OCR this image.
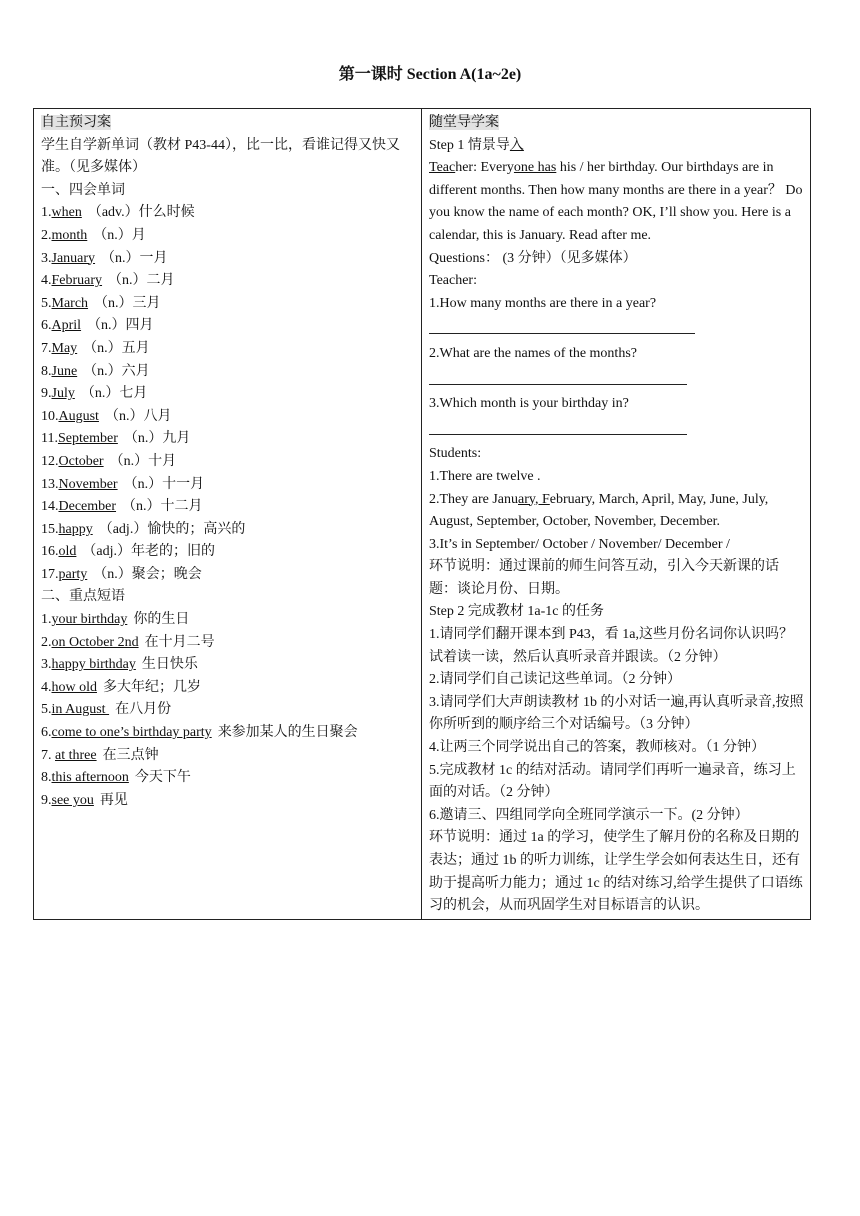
第一课时 Section A(1a~2e)
自主预习案
学生自学新单词（教材 P43-44），比一比，看谁记得又快又准。（见多媒体）
一、四会单词
1.when （adv.）什么时候
2.month （n.）月
3.January （n.）一月
4.February （n.）二月
5.March （n.）三月
6.April （n.）四月
7.May （n.）五月
8.June （n.）六月
9.July （n.）七月
10.August （n.）八月
11.September （n.）九月
12.October （n.）十月
13.November （n.）十一月
14.December （n.）十二月
15.happy （adj.）愉快的；高兴的
16.old （adj.）年老的；旧的
17.party （n.）聚会；晚会
二、重点短语
1.your birthday 你的生日
2.on October 2nd 在十月二号
3.happy birthday 生日快乐
4.how old 多大年纪；几岁
5.in August 在八月份
6.come to one’s birthday party 来参加某人的生日聚会
7. at three 在三点钟
8.this afternoon 今天下午
9.see you 再见
随堂导学案
Step 1 情景导入
Teacher: Everyone has his / her birthday. Our birthdays are in different months. Then how many months are there in a year？ Do you know the name of each month? OK, I’ll show you. Here is a calendar, this is January. Read after me.
Questions： (3 分钟）（见多媒体）
Teacher:
1.How many months are there in a year?
2.What are the names of the months?
3.Which month is your birthday in?
Students:
1.There are twelve .
2.They are January, February, March, April, May, June, July, August, September, October, November, December.
3.It’s in September/ October / November/ December /
环节说明：通过课前的师生问答互动，引入今天新课的话题：谈论月份、日期。
Step 2 完成教材 1a-1c 的任务
1.请同学们翻开课本到 P43，看 1a,这些月份名词你认识吗？试着读一读，然后认真听录音并跟读。（2 分钟）
2.请同学们自己读记这些单词。（2 分钟）
3.请同学们大声朗读教材 1b 的小对话一遍,再认真听录音,按照你所听到的顺序给三个对话编号。（3 分钟）
4.让两三个同学说出自己的答案，教师核对。（1 分钟）
5.完成教材 1c 的结对活动。请同学们再听一遍录音，练习上面的对话。（2 分钟）
6.邀请三、四组同学向全班同学演示一下。(2 分钟）
环节说明：通过 1a 的学习，使学生了解月份的名称及日期的表达；通过 1b 的听力训练，让学生学会如何表达生日，还有助于提高听力能力；通过 1c 的结对练习,给学生提供了口语练习的机会，从而巩固学生对目标语言的认识。
